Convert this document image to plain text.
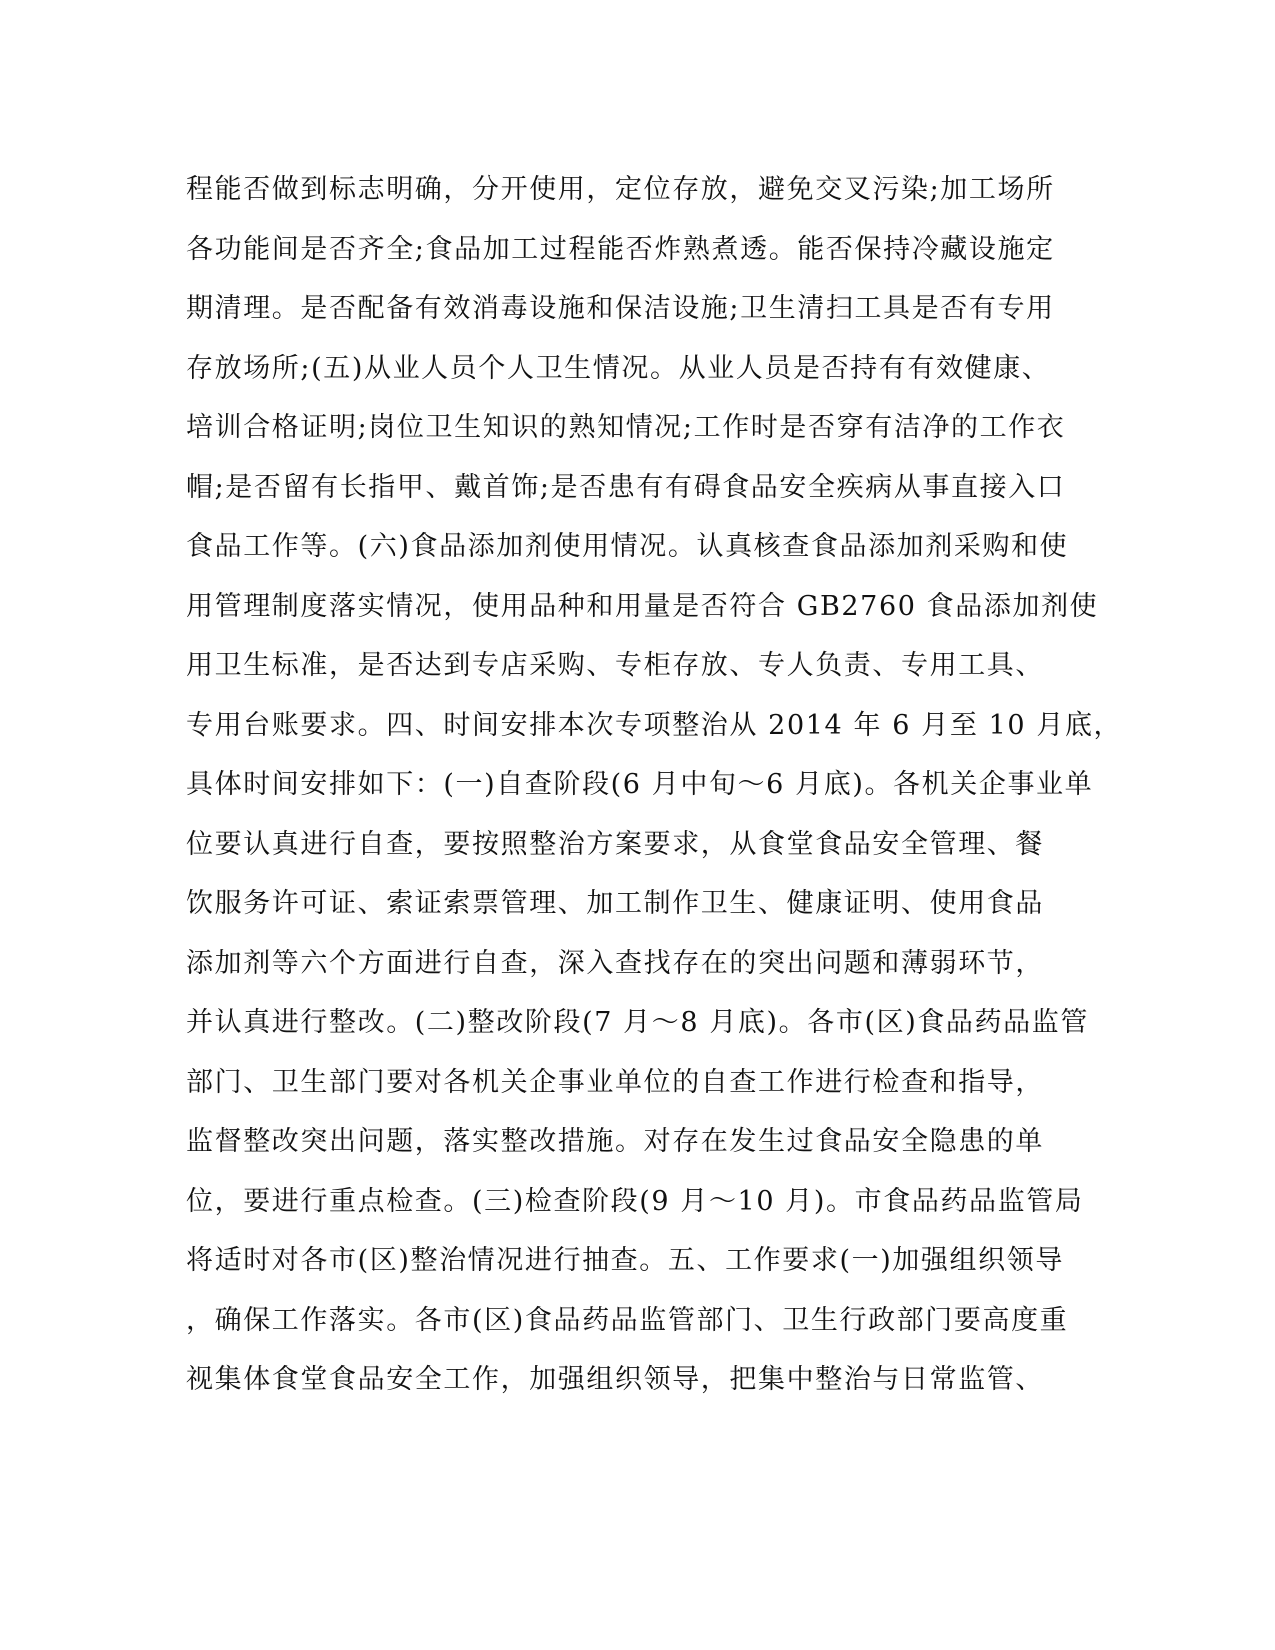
程能否做到标志明确，分开使用，定位存放，避免交叉污染;加工场所
各功能间是否齐全;食品加工过程能否炸熟煮透。能否保持冷藏设施定
期清理。是否配备有效消毒设施和保洁设施;卫生清扫工具是否有专用
存放场所;(五)从业人员个人卫生情况。从业人员是否持有有效健康、
培训合格证明;岗位卫生知识的熟知情况;工作时是否穿有洁净的工作衣
帽;是否留有长指甲、戴首饰;是否患有有碍食品安全疾病从事直接入口
食品工作等。(六)食品添加剂使用情况。认真核查食品添加剂采购和使
用管理制度落实情况，使用品种和用量是否符合 GB2760 食品添加剂使
用卫生标准，是否达到专店采购、专柜存放、专人负责、专用工具、
专用台账要求。四、时间安排本次专项整治从 2014 年 6 月至 10 月底，
具体时间安排如下：(一)自查阶段(6 月中旬～6 月底)。各机关企事业单
位要认真进行自查，要按照整治方案要求，从食堂食品安全管理、餐
饮服务许可证、索证索票管理、加工制作卫生、健康证明、使用食品
添加剂等六个方面进行自查，深入查找存在的突出问题和薄弱环节，
并认真进行整改。(二)整改阶段(7 月～8 月底)。各市(区)食品药品监管
部门、卫生部门要对各机关企事业单位的自查工作进行检查和指导，
监督整改突出问题，落实整改措施。对存在发生过食品安全隐患的单
位，要进行重点检查。(三)检查阶段(9 月～10 月)。市食品药品监管局
将适时对各市(区)整治情况进行抽查。五、工作要求(一)加强组织领导
，确保工作落实。各市(区)食品药品监管部门、卫生行政部门要高度重
视集体食堂食品安全工作，加强组织领导，把集中整治与日常监管、
